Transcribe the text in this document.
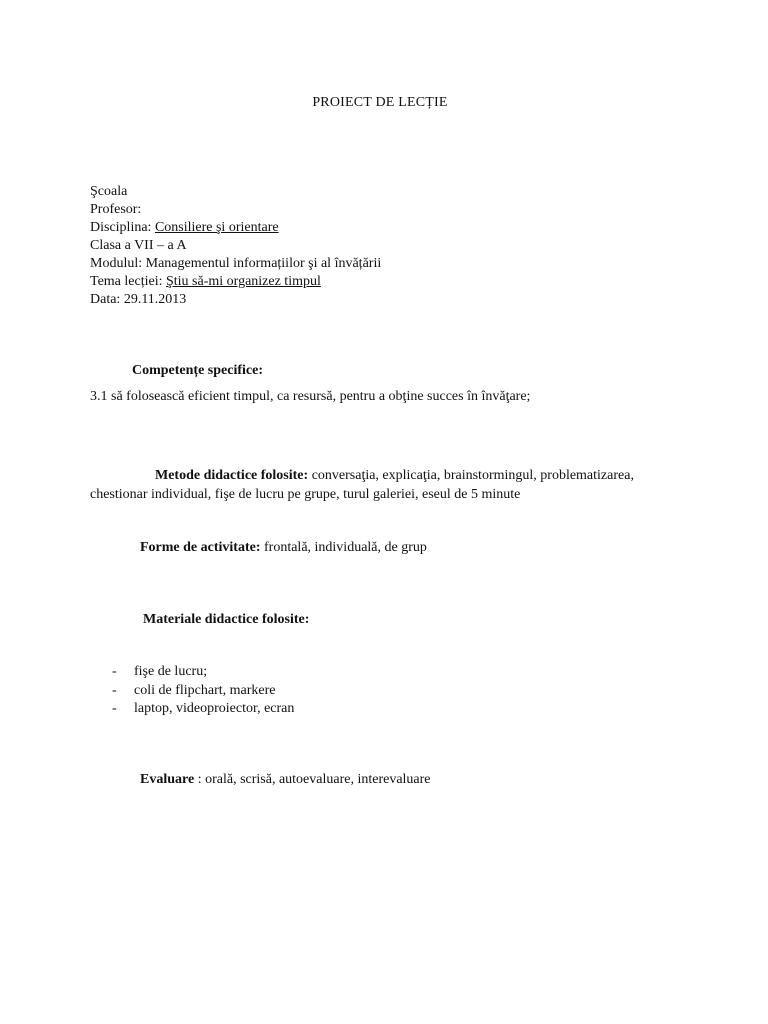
PROIECT DE LECȚIE
Şcoala
Profesor:
Disciplina: Consiliere şi orientare
Clasa a VII – a A
Modulul: Managementul informațiilor şi al învățării
Tema lecției: Ştiu să-mi organizez timpul
Data: 29.11.2013
Competențe specifice:
3.1 să folosească eficient timpul, ca resursă, pentru a obţine succes în învăţare;
Metode didactice folosite: conversaţia, explicaţia, brainstormingul, problematizarea,
chestionar individual, fişe de lucru pe grupe, turul galeriei, eseul de 5 minute
Forme de activitate: frontală, individuală, de grup
Materiale didactice folosite:
- fişe de lucru;
- coli de flipchart, markere
- laptop, videoproiector, ecran
Evaluare : orală, scrisă, autoevaluare, interevaluare
